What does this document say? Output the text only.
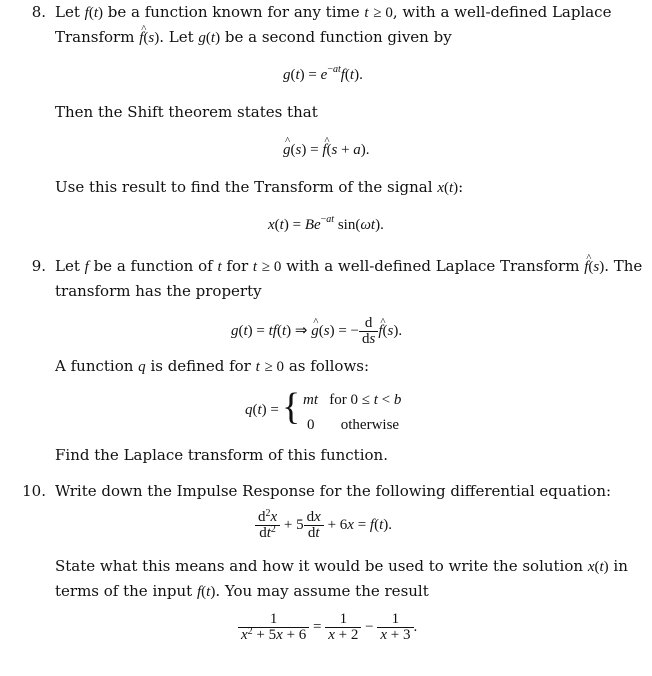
8. Let f(t) be a function known for any time t ≥ 0, with a well-defined Laplace
Transform ^ f(s). Let g(t) be a second function given by
$g(t) = e^{-at}f(t)$.
Then the Shift theorem states that
^ g(s) = ^ f(s + a).
Use this result to find the Transform of the signal x(t):
$x(t) = Be^{-at}$ sin(ωt).
9. Let f be a function of t for t ≥ 0 with a well-defined Laplace Transform ^ f(s). The
transform has the property
g(t) = tf(t) ⇒ ^ g(s) = − $\frac{d}{ds}$
^ f(s).
A function q is defined for t ≥ 0 as follows:
q(t) = { mt   for 0 ≤ t < b
0       otherwise
Find the Laplace transform of this function.
10. Write down the Impulse Response for the following differential equation:
$\frac{d^2x}{dt^2} + 5 \frac{dx}{dt} + 6x = f(t)$.
State what this means and how it would be used to write the solution x(t) in
terms of the input f(t). You may assume the result
$\frac{1}{x^2 + 5x + 6} = \frac{1}{x + 2} - \frac{1}{x + 3}$ .
